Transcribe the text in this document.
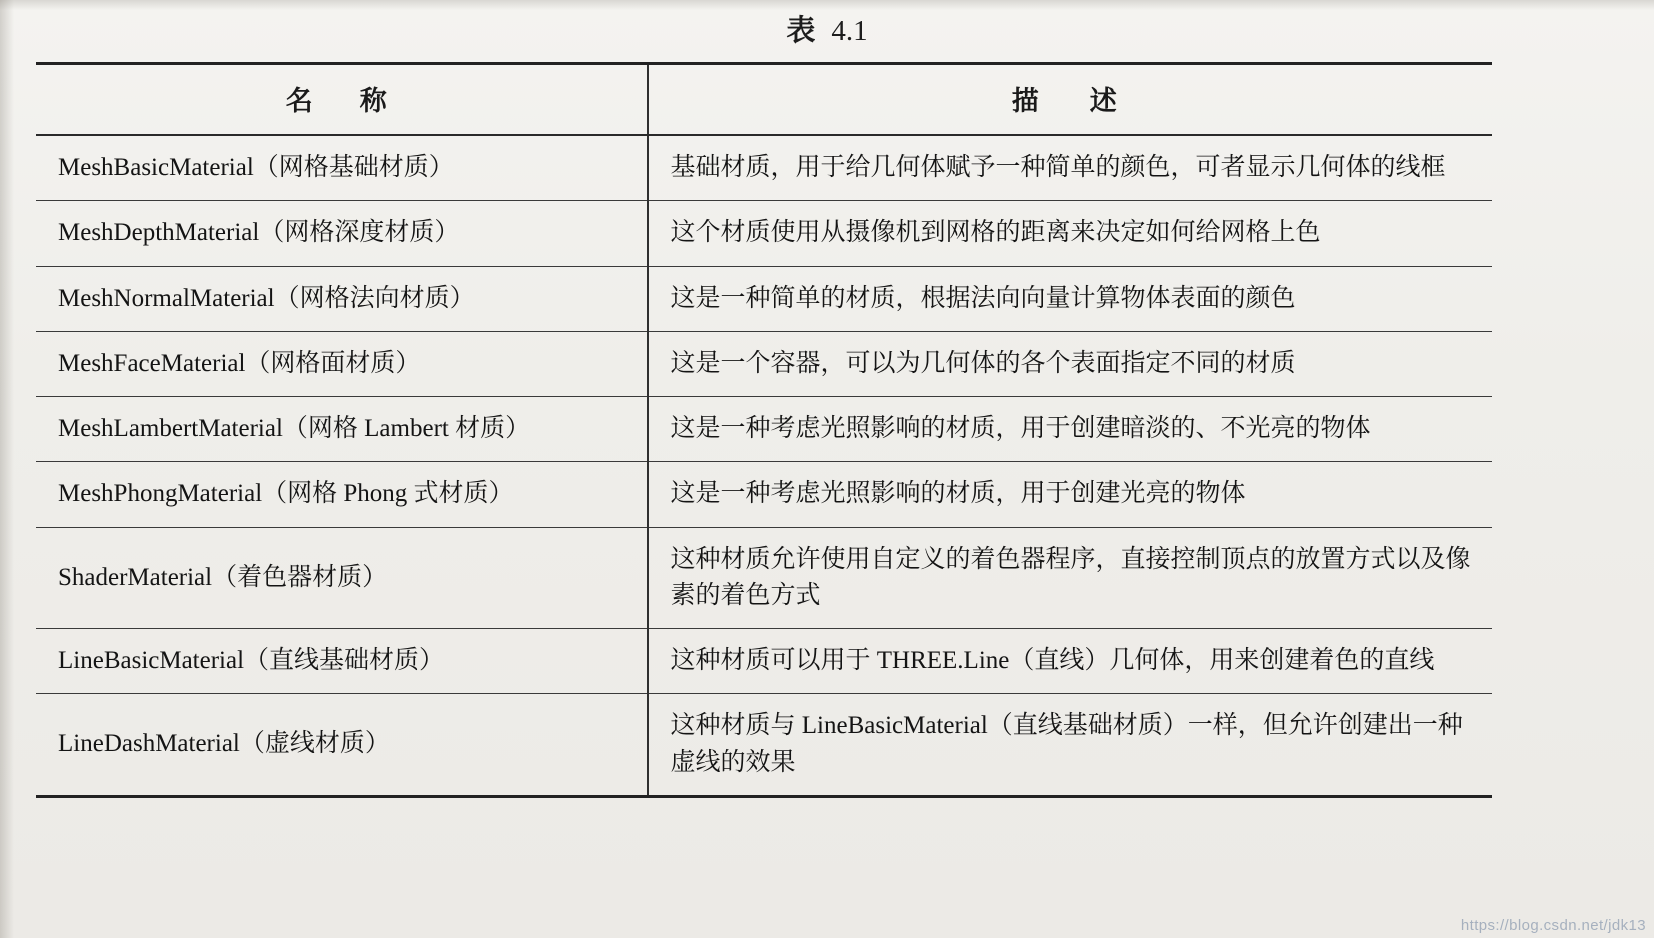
表 4.1
名　称	描　述
MeshBasicMaterial（网格基础材质）	基础材质，用于给几何体赋予一种简单的颜色，可者显示几何体的线框
MeshDepthMaterial（网格深度材质）	这个材质使用从摄像机到网格的距离来决定如何给网格上色
MeshNormalMaterial（网格法向材质）	这是一种简单的材质，根据法向向量计算物体表面的颜色
MeshFaceMaterial（网格面材质）	这是一个容器，可以为几何体的各个表面指定不同的材质
MeshLambertMaterial（网格 Lambert 材质）	这是一种考虑光照影响的材质，用于创建暗淡的、不光亮的物体
MeshPhongMaterial（网格 Phong 式材质）	这是一种考虑光照影响的材质，用于创建光亮的物体
ShaderMaterial（着色器材质）	这种材质允许使用自定义的着色器程序，直接控制顶点的放置方式以及像素的着色方式
LineBasicMaterial（直线基础材质）	这种材质可以用于 THREE.Line（直线）几何体，用来创建着色的直线
LineDashMaterial（虚线材质）	这种材质与 LineBasicMaterial（直线基础材质）一样，但允许创建出一种虚线的效果
https://blog.csdn.net/jdk13
